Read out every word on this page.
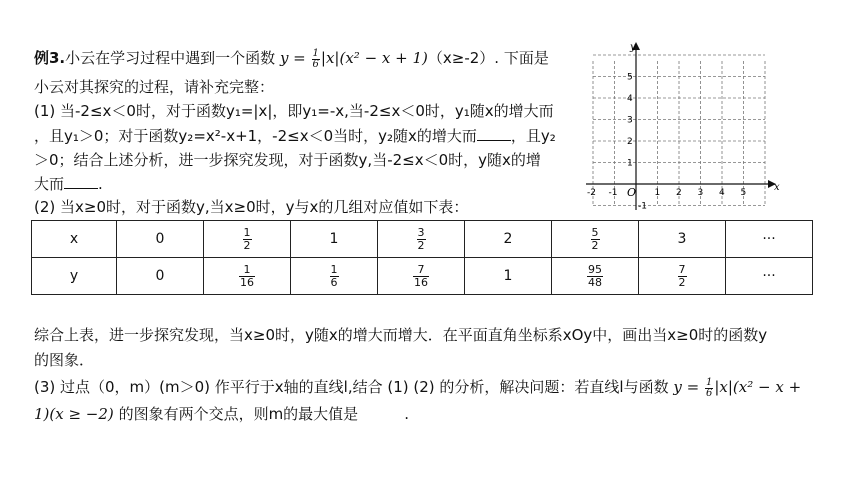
例3.小云在学习过程中遇到一个函数 $y = \frac{1}{6} |x|(x^2 - x + 1)(x\ge-2)$. 下面是
小云对其探究的过程，请补充完整：
(1) 当-2≤x＜0时，对于函数y₁=|x|，即y₁=-x,当-2≤x＜0时，y₁随x的增大而
，且y₁＞0；对于函数y₂=x²-x+1，-2≤x＜0当时，y₂随x的增大而 ，且y₂
＞0；结合上述分析，进一步探究发现，对于函数y,当-2≤x＜0时，y随x的增
大而 .
(2) 当x≥0时，对于函数y,当x≥0时，y与x的几组对应值如下表：
x	0	$\frac{1}{2}$	1	$\frac{3}{2}$	2	$\frac{5}{2}$	3	···
y	0	$\frac{1}{16}$	$\frac{1}{6}$	$\frac{7}{16}$	1	$\frac{95}{48}$	$\frac{7}{2}$	···
综合上表，进一步探究发现，当x≥0时，y随x的增大而增大．在平面直角坐标系xOy中，画出当x≥0时的函数y
的图象．
(3) 过点（0，m）(m＞0) 作平行于x轴的直线l,结合 (1) (2) 的分析，解决问题：若直线l与函数 $y = \frac{1}{6} |x|(x^2 - x$ +
1)(x ≥ −2) 的图象有两个交点，则m的最大值是	.
x
y
O
-2 -1	1 2 3 4 5
5
4
3
2
1
-1
